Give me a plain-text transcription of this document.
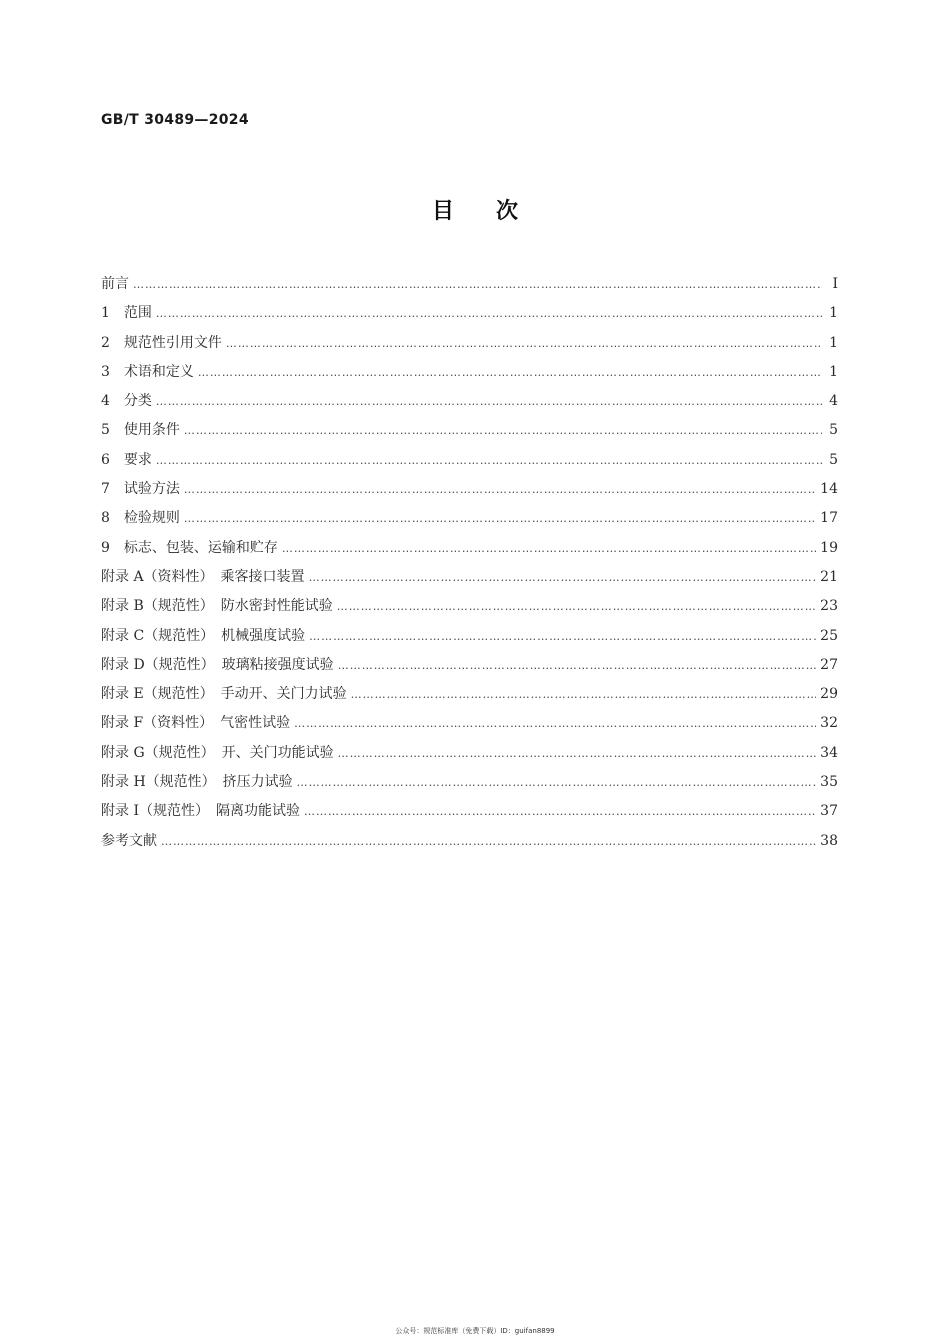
GB/T 30489—2024
目次
前言 ……………………………………………………………………………………………………………………………………………………………………………………………………………………………………………	Ⅰ
1　范围 ……………………………………………………………………………………………………………………………………………………………………………………………………………………………………………	1
2　规范性引用文件 ……………………………………………………………………………………………………………………………………………………………………………………………………………………………………………	1
3　术语和定义 ……………………………………………………………………………………………………………………………………………………………………………………………………………………………………………	1
4　分类 ……………………………………………………………………………………………………………………………………………………………………………………………………………………………………………	4
5　使用条件 ……………………………………………………………………………………………………………………………………………………………………………………………………………………………………………	5
6　要求 ……………………………………………………………………………………………………………………………………………………………………………………………………………………………………………	5
7　试验方法 ……………………………………………………………………………………………………………………………………………………………………………………………………………………………………………	14
8　检验规则 ……………………………………………………………………………………………………………………………………………………………………………………………………………………………………………	17
9　标志、包装、运输和贮存 ……………………………………………………………………………………………………………………………………………………………………………………………………………………………………………	19
附录 A（资料性）　乘客接口装置 ……………………………………………………………………………………………………………………………………………………………………………………………………………………………………………	21
附录 B（规范性）　防水密封性能试验 ……………………………………………………………………………………………………………………………………………………………………………………………………………………………………………	23
附录 C（规范性）　机械强度试验 ……………………………………………………………………………………………………………………………………………………………………………………………………………………………………………	25
附录 D（规范性）　玻璃粘接强度试验 ……………………………………………………………………………………………………………………………………………………………………………………………………………………………………………	27
附录 E（规范性）　手动开、关门力试验 ……………………………………………………………………………………………………………………………………………………………………………………………………………………………………………	29
附录 F（资料性）　气密性试验 ……………………………………………………………………………………………………………………………………………………………………………………………………………………………………………	32
附录 G（规范性）　开、关门功能试验 ……………………………………………………………………………………………………………………………………………………………………………………………………………………………………………	34
附录 H（规范性）　挤压力试验 ……………………………………………………………………………………………………………………………………………………………………………………………………………………………………………	35
附录 I（规范性）　隔离功能试验 ……………………………………………………………………………………………………………………………………………………………………………………………………………………………………………	37
参考文献 ……………………………………………………………………………………………………………………………………………………………………………………………………………………………………………	38
公众号：规范标准库（免费下载）ID：guifan8899
